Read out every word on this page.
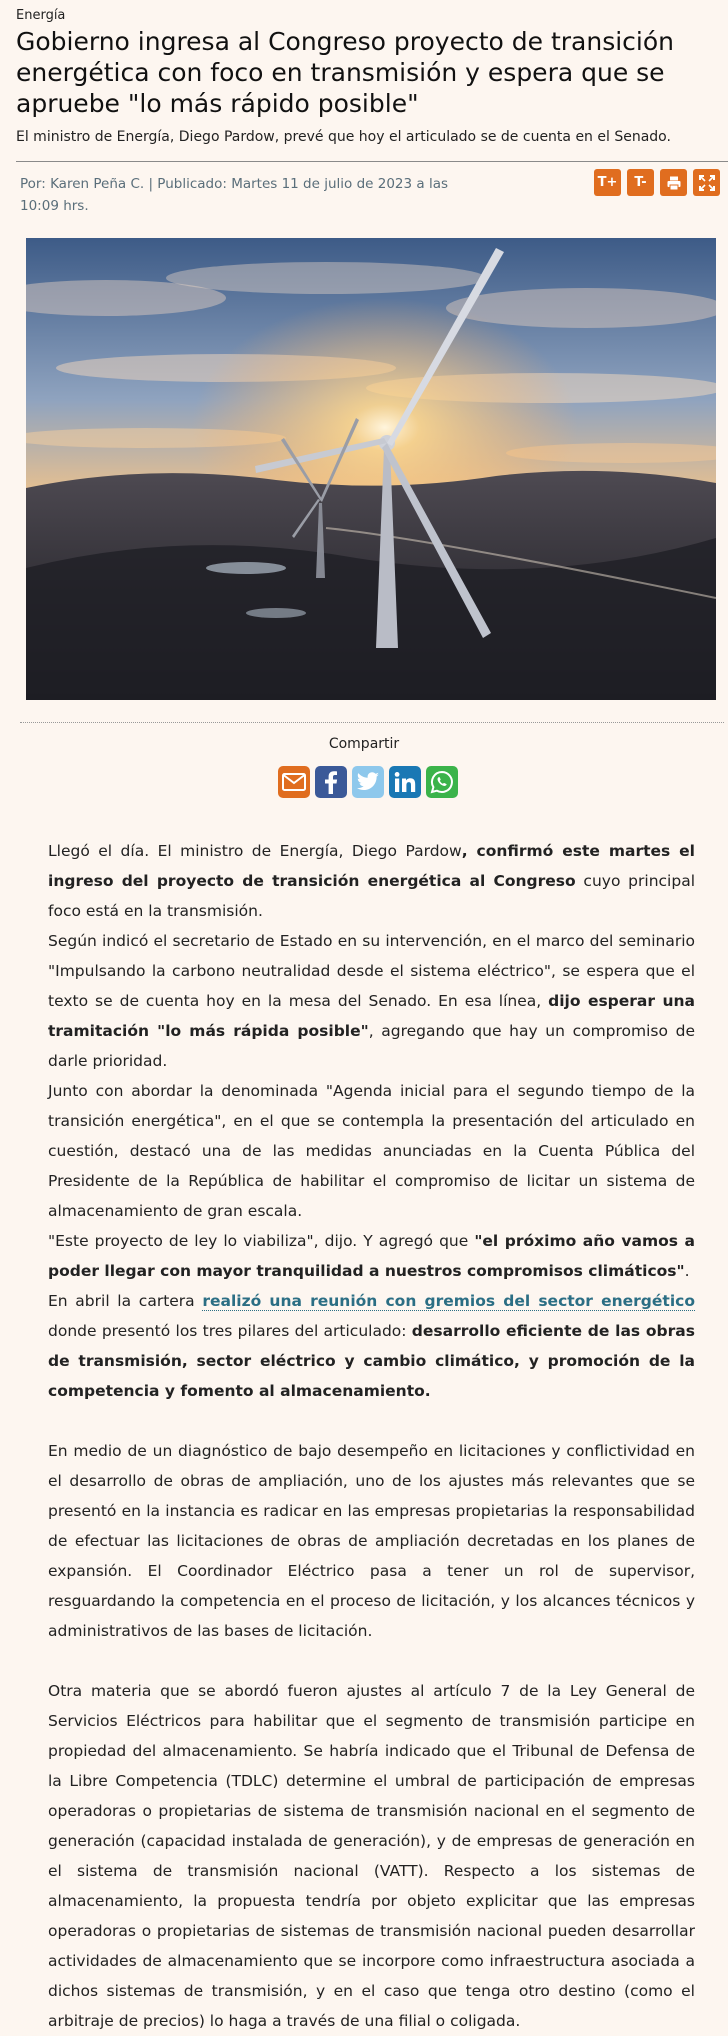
Energía
Gobierno ingresa al Congreso proyecto de transición energética con foco en transmisión y espera que se apruebe "lo más rápido posible"
El ministro de Energía, Diego Pardow, prevé que hoy el articulado se de cuenta en el Senado.
Por: Karen Peña C. | Publicado: Martes 11 de julio de 2023 a las 10:09 hrs.
T+	T-
Compartir

Llegó el día. El ministro de Energía, Diego Pardow, confirmó este martes el ingreso del proyecto de transición energética al Congreso cuyo principal foco está en la transmisión.

Según indicó el secretario de Estado en su intervención, en el marco del seminario "Impulsando la carbono neutralidad desde el sistema eléctrico", se espera que el texto se de cuenta hoy en la mesa del Senado. En esa línea, dijo esperar una tramitación "lo más rápida posible", agregando que hay un compromiso de darle prioridad.

Junto con abordar la denominada "Agenda inicial para el segundo tiempo de la transición energética", en el que se contempla la presentación del articulado en cuestión, destacó una de las medidas anunciadas en la Cuenta Pública del Presidente de la República de habilitar el compromiso de licitar un sistema de almacenamiento de gran escala.

"Este proyecto de ley lo viabiliza", dijo. Y agregó que "el próximo año vamos a poder llegar con mayor tranquilidad a nuestros compromisos climáticos".

En abril la cartera realizó una reunión con gremios del sector energético donde presentó los tres pilares del articulado: desarrollo eficiente de las obras de transmisión, sector eléctrico y cambio climático, y promoción de la competencia y fomento al almacenamiento.

En medio de un diagnóstico de bajo desempeño en licitaciones y conflictividad en el desarrollo de obras de ampliación, uno de los ajustes más relevantes que se presentó en la instancia es radicar en las empresas propietarias la responsabilidad de efectuar las licitaciones de obras de ampliación decretadas en los planes de expansión. El Coordinador Eléctrico pasa a tener un rol de supervisor, resguardando la competencia en el proceso de licitación, y los alcances técnicos y administrativos de las bases de licitación.

Otra materia que se abordó fueron ajustes al artículo 7 de la Ley General de Servicios Eléctricos para habilitar que el segmento de transmisión participe en propiedad del almacenamiento. Se habría indicado que el Tribunal de Defensa de la Libre Competencia (TDLC) determine el umbral de participación de empresas operadoras o propietarias de sistema de transmisión nacional en el segmento de generación (capacidad instalada de generación), y de empresas de generación en el sistema de transmisión nacional (VATT). Respecto a los sistemas de almacenamiento, la propuesta tendría por objeto explicitar que las empresas operadoras o propietarias de sistemas de transmisión nacional pueden desarrollar actividades de almacenamiento que se incorpore como infraestructura asociada a dichos sistemas de transmisión, y en el caso que tenga otro destino (como el arbitraje de precios) lo haga a través de una filial o coligada.
